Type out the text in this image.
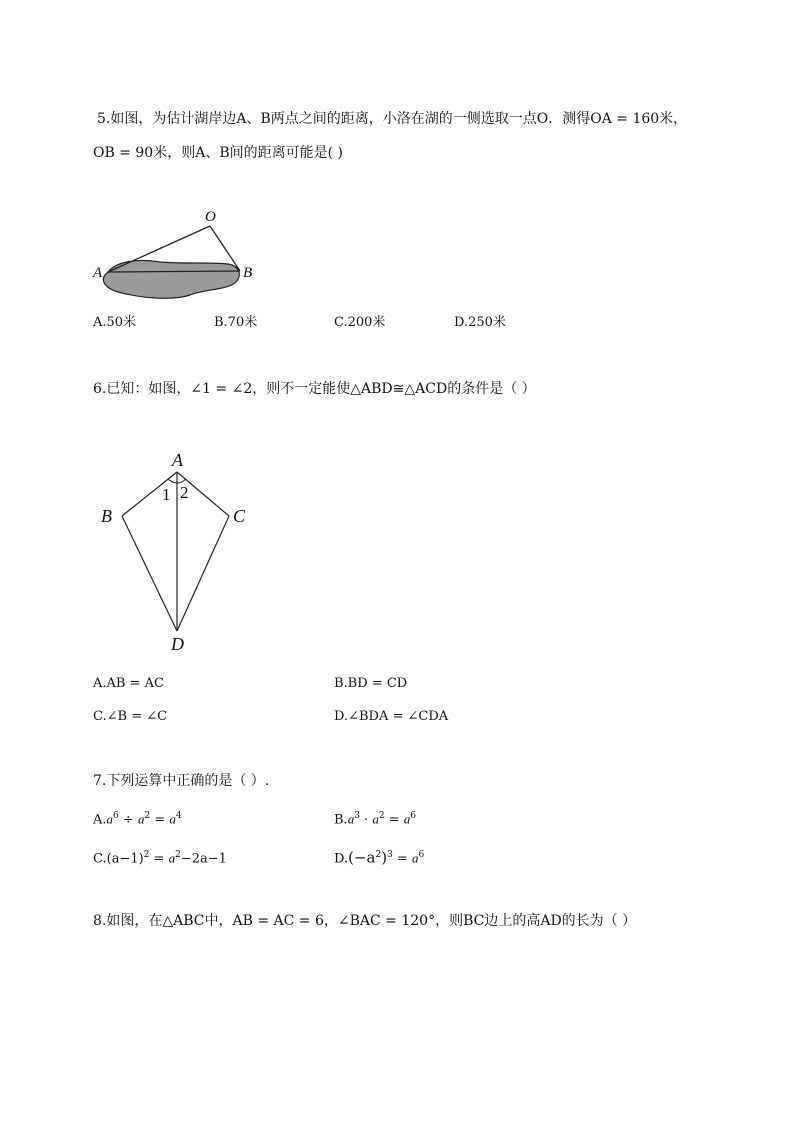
5.如图，为估计湖岸边A、B两点之间的距离，小洛在湖的一侧选取一点O．测得OA = 160米，
OB = 90米，则A、B间的距离可能是( )
O
A	B
A.50米	B.70米	C.200米	D.250米
6.已知：如图，∠1 = ∠2，则不一定能使△ABD≅△ACD的条件是（ ）
A
B	C
D
1 2
A.AB = AC	B.BD = CD
C.∠B = ∠C	D.∠BDA = ∠CDA
7.下列运算中正确的是（ ）.
$A.a^6 \div a^2 = a^4$	$B.a^3 \cdot a^2 = a^6$
$C.(a-1)^2 = a^2-2a-1$	$D.(-a^2)^3 = a^6$
8.如图，在△ABC中，AB = AC = 6，∠BAC = 120°，则BC边上的高AD的长为（ ）
